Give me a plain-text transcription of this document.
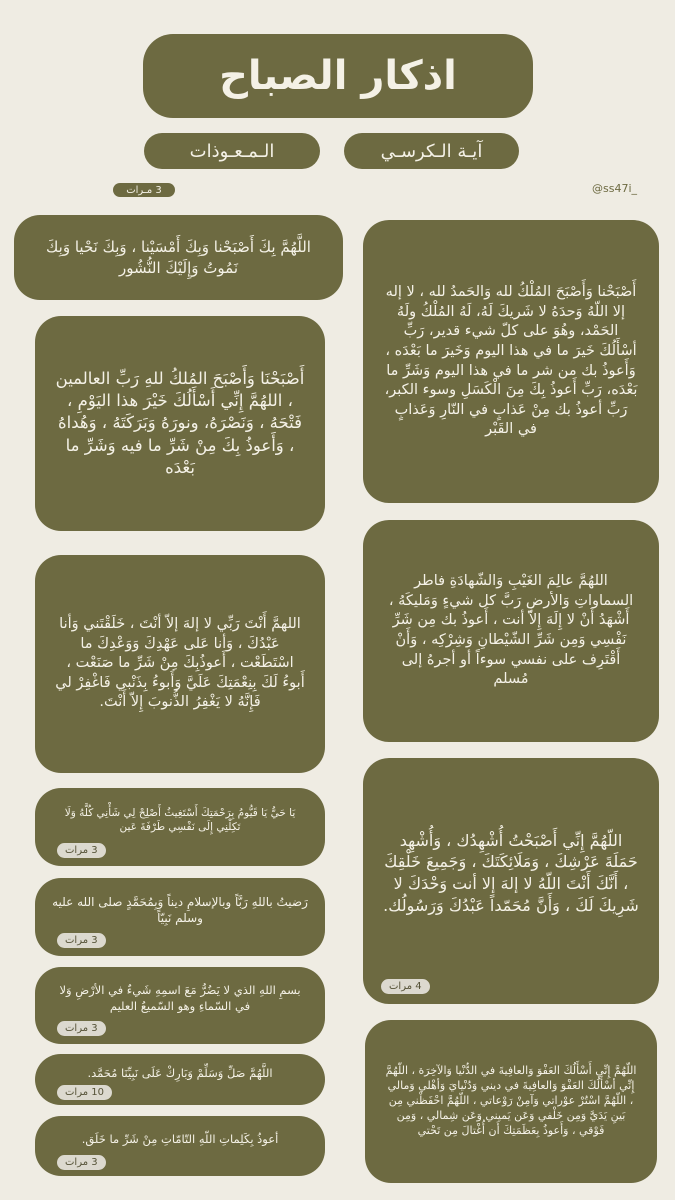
اذكار الصباح
آيـة الـكرسـي
الـمـعـوذات
3 مـرات	@ss47i_
اللَّهُمَّ بِكَ أَصْبَحْنا وَبِكَ أَمْسَيْنا ، وَبِكَ نَحْيا وَبِكَ نَمُوتُ وَإِلَيْكَ النُّشُور
أَصْبَحْنَا وَأَصْبَحَ المُلكُ للهِ رَبِّ العالمين ، اللهُمَّ إِنِّي أَسْأَلُكَ خَيْرَ هذا اليَوْمِ ، فَتْحَهُ ، وَنَصْرَهُ، ونورَهُ وَبَرَكَتَهُ ، وَهُداهُ ، وَأَعوذُ بِكَ مِنْ شَرِّ ما فيه وَشَرِّ ما بَعْدَه
اللهمَّ أَنْتَ رَبِّي لا إلهَ إلاّ أنْتَ ، خَلَقْتَني وَأنا عَبْدُكَ ، وَأنا عَلى عَهْدِكَ وَوَعْدِكَ ما اسْتَطَعْت ، أَعوذُبِكَ مِنْ شَرِّ ما صَنَعْت ، أَبوءُ لَكَ بِنِعْمَتِكَ عَلَيَّ وَأَبوءُ بِذَنْبي فَاغْفِرْ لي فَإِنَّهُ لا يَغْفِرُ الذُّنوبَ إِلاّ أَنْتَ.
يَا حَيُّ يَا قَيُّومُ بِرَحْمَتِكَ أَسْتَغِيثُ أَصْلِحْ لِي شَأْنِي كُلَّهُ وَلَا تَكِلْنِي إِلَى نَفْسِي طَرْفَةَ عَين
3 مرات
رَضيتُ باللهِ رَبَّاً وبالإسلامِ ديناً وَبِمُحَمَّدٍ صلى الله عليه وسلم نَبِيّاً
3 مرات
بسمِ اللهِ الذي لا يَضُرُّ مَعَ اسمِهِ شَيءٌ في الأرْضِ وَلا في السّماءِ وهو السّميعُ العليم
3 مرات
اللَّهُمَّ صَلِّ وَسَلِّمْ وَبَارِكْ عَلَى نَبِيِّنَا مُحَمَّد.
10 مرات
أعوذُ بِكَلِماتِ اللّهِ التّامّاتِ مِنْ شَرِّ ما خَلَق.
3 مرات
أَصْبَحْنا وَأَصْبَحَ المُلْكُ لله وَالحَمدُ لله ، لا إله إلا اللّهُ وَحدَهُ لا شَريكَ لَهُ، لَهُ المُلْكُ ولَهُ الحَمْد، وهُوَ على كلّ شيء قدير، رَبِّ أسْأَلُكَ خَيرَ ما في هذا اليوم وَخَيرَ ما بَعْدَه ، وَأَعوذُ بك من شر ما في هذا اليوم وَشَرِّ ما بَعْدَه، رَبِّ أَعوذُ بِكَ مِنَ الْكَسَلِ وسوء الكبر، رَبِّ أعوذُ بك مِنْ عَذابٍ في النّارِ وَعَذابٍ في القَبْر
اللهُمَّ عالِمَ الغَيْبِ وَالشّهادَةِ فاطر السماواتِ وَالأرضِ رَبَّ كل شيءٍ وَمَليكَهُ ، أَشْهَدُ أَنْ لا إِلَهَ إِلاّ أنت ، أَعوذُ بك مِن شَرِّ نَفْسِي وَمِن شَرِّ الشّيْطانِ وَشِرْكِه ، وَأَنْ أَقْتَرِف على نفسي سوءاً أو أجرهُ إلى مُسلم
اللّهُمَّ إِنِّي أَصْبَحْتُ أُشْهِدُك ، وَأُشْهِد حَمَلَةَ عَرْشِكَ ، وَمَلَائِكَتَكَ ، وَجَمِيعَ خَلْقِكَ ، أَنَّكَ أَنْتَ اللّهُ لا إلهَ إلا أنت وَحْدَكَ لا شَرِيكَ لَكَ ، وَأَنَّ مُحَمّداً عَبْدُكَ وَرَسُولُك.
4 مرات
اللّهُمَّ إِنِّي أَسْأَلُكَ العَفْوَ وَالعافِيةَ في الدُّنْيا وَالآخِرَة ، اللّهُمَّ إِنِّي أسْأَلُكَ العَفْوَ وَالعافِيةَ في ديني وَدُنْيايَ وَأهْلي وَمالي ، اللّهُمَّ اسْتُرْ عوْراتي وَآمِنْ رَوْعاتي ، اللّهُمَّ احْفَظْني مِن بَينِ يَدَيَّ وَمِن خَلْفي وَعَن يَميني وَعَن شِمالي ، وَمِن فَوْقي ، وَأَعوذُ بِعَظَمَتِكَ أَن أُغْتالَ مِن تَحْتي
